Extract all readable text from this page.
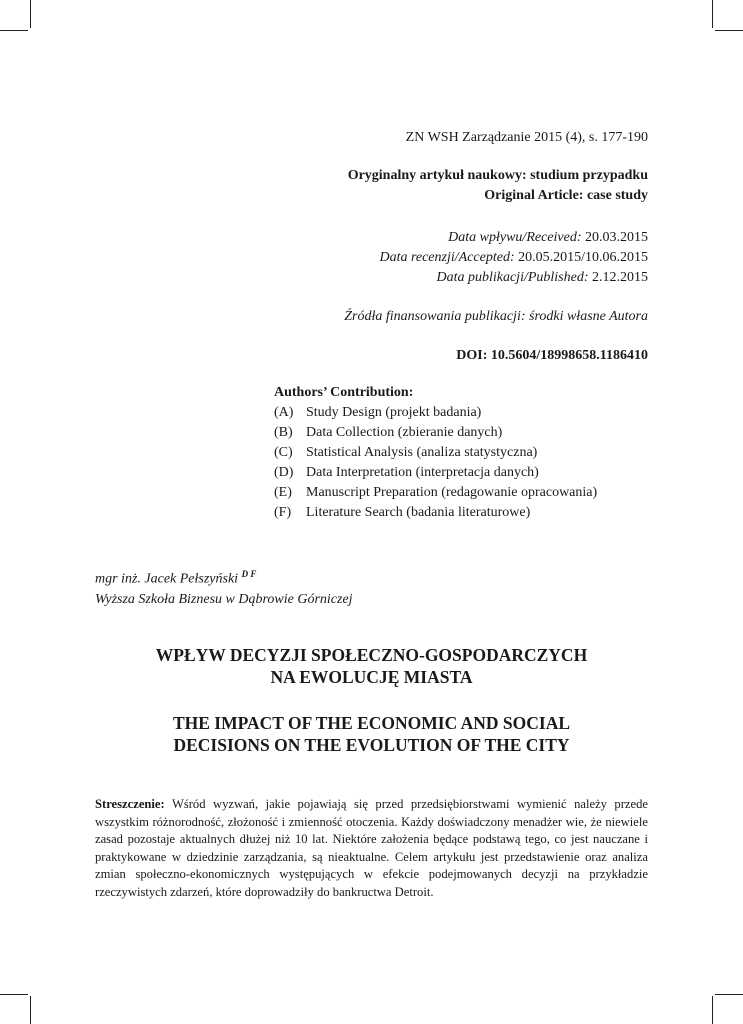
ZN WSH Zarządzanie 2015 (4), s. 177-190
Oryginalny artykuł naukowy: studium przypadku
Original Article: case study
Data wpływu/Received: 20.03.2015
Data recenzji/Accepted: 20.05.2015/10.06.2015
Data publikacji/Published: 2.12.2015
Źródła finansowania publikacji: środki własne Autora
DOI: 10.5604/18998658.1186410
Authors’ Contribution:
(A) Study Design (projekt badania)
(B) Data Collection (zbieranie danych)
(C) Statistical Analysis (analiza statystyczna)
(D) Data Interpretation (interpretacja danych)
(E)	Manuscript Preparation (redagowanie opracowania)
(F)	Literature Search (badania literaturowe)
mgr inż. Jacek Pełszyński $^{D F}$
Wyższa Szkoła Biznesu w Dąbrowie Górniczej
WPŁYW DECYZJI SPOŁECZNO-GOSPODARCZYCH
NA EWOLUCJĘ MIASTA
THE IMPACT OF THE ECONOMIC AND SOCIAL
DECISIONS ON THE EVOLUTION OF THE CITY
Streszczenie: Wśród wyzwań, jakie pojawiają się przed przedsiębiorstwami wymienić należy przede wszystkim różnorodność, złożoność i zmienność otoczenia. Każdy doświadczony menadżer wie, że niewiele zasad pozostaje aktualnych dłużej niż 10 lat. Niektóre założenia będące podstawą tego, co jest nauczane i praktykowane w dziedzinie zarządzania, są nieaktualne. Celem artykułu jest przedstawienie oraz analiza zmian społeczno-ekonomicznych występujących w efekcie podejmowanych decyzji na przykładzie rzeczywistych zdarzeń, które doprowadziły do bankructwa Detroit.
